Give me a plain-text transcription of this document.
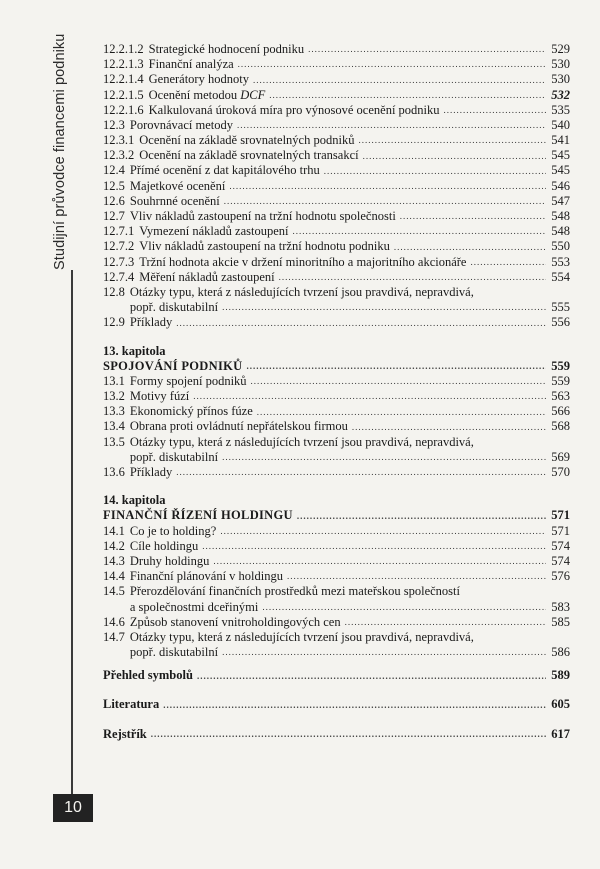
Studijní průvodce financemi podniku
10
12.2.1.2 Strategické hodnocení podniku .....	529
12.2.1.3 Finanční analýza .....	530
12.2.1.4 Generátory hodnoty .....	530
12.2.1.5 Ocenění metodou DCF .....	532
12.2.1.6 Kalkulovaná úroková míra pro výnosové ocenění podniku .....	535
12.3 Porovnávací metody .....	540
12.3.1 Ocenění na základě srovnatelných podniků .....	541
12.3.2 Ocenění na základě srovnatelných transakcí .....	545
12.4 Přímé ocenění z dat kapitálového trhu .....	545
12.5 Majetkové ocenění .....	546
12.6 Souhrnné ocenění .....	547
12.7 Vliv nákladů zastoupení na tržní hodnotu společnosti .....	548
12.7.1 Vymezení nákladů zastoupení .....	548
12.7.2 Vliv nákladů zastoupení na tržní hodnotu podniku .....	550
12.7.3 Tržní hodnota akcie v držení minoritního a majoritního akcionáře .....	553
12.7.4 Měření nákladů zastoupení .....	554
12.8 Otázky typu, která z následujících tvrzení jsou pravdivá, nepravdivá,
popř. diskutabilní .....	555
12.9 Příklady .....	556
13. kapitola
SPOJOVÁNÍ PODNIKŮ .....	559
13.1 Formy spojení podniků .....	559
13.2 Motivy fúzí .....	563
13.3 Ekonomický přínos fúze .....	566
13.4 Obrana proti ovládnutí nepřátelskou firmou .....	568
13.5 Otázky typu, která z následujících tvrzení jsou pravdivá, nepravdivá,
popř. diskutabilní .....	569
13.6 Příklady .....	570
14. kapitola
FINANČNÍ ŘÍZENÍ HOLDINGU .....	571
14.1 Co je to holding? .....	571
14.2 Cíle holdingu .....	574
14.3 Druhy holdingu .....	574
14.4 Finanční plánování v holdingu .....	576
14.5 Přerozdělování finančních prostředků mezi mateřskou společností
a společnostmi dceřinými .....	583
14.6 Způsob stanovení vnitroholdingových cen .....	585
14.7 Otázky typu, která z následujících tvrzení jsou pravdivá, nepravdivá,
popř. diskutabilní .....	586
Přehled symbolů .....	589
Literatura .....	605
Rejstřík .....	617
